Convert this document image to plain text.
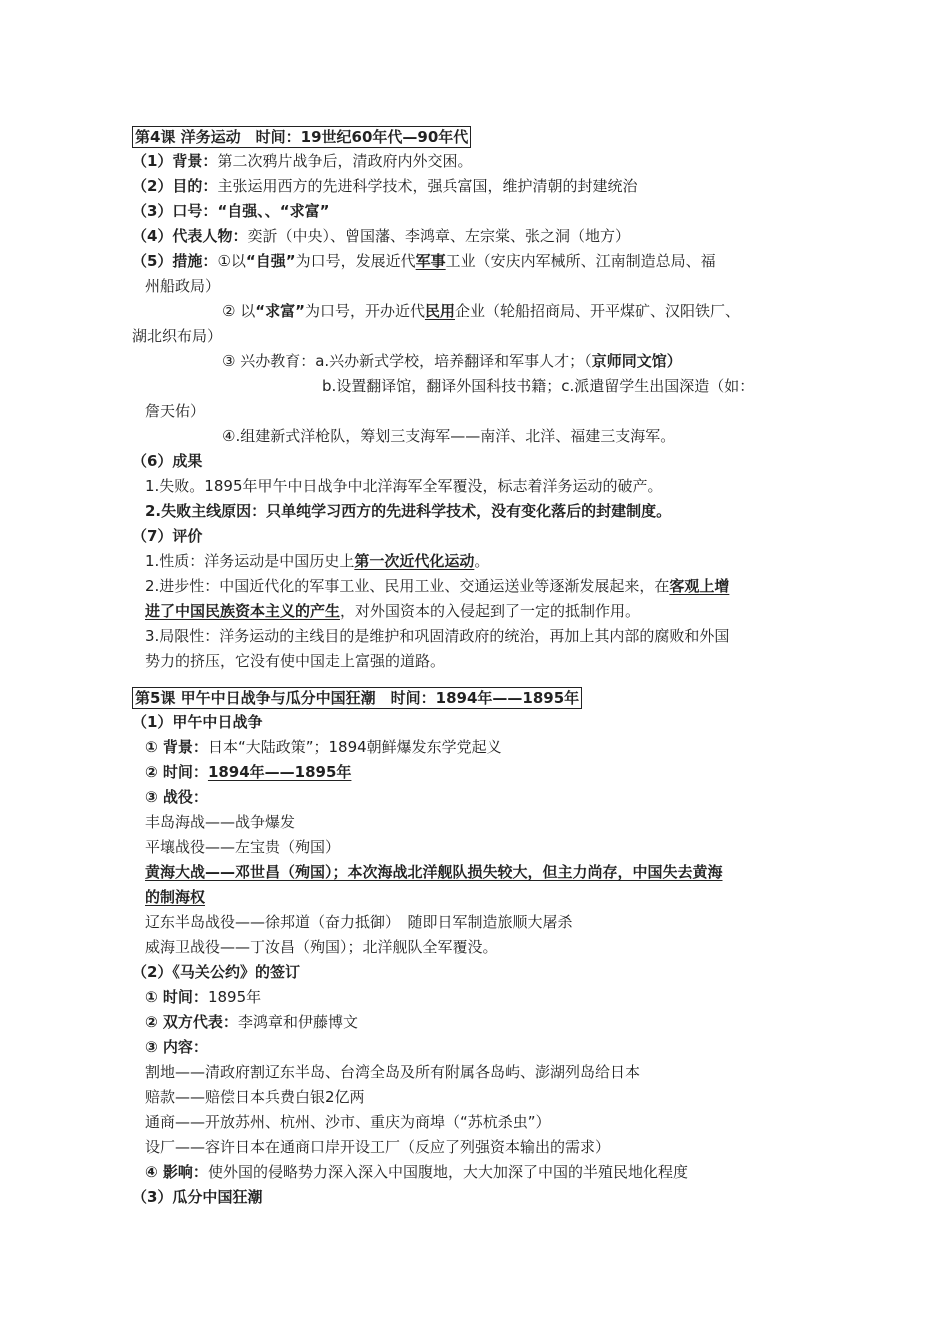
第4课 洋务运动　时间：19世纪60年代—90年代
（1）背景：第二次鸦片战争后，清政府内外交困。
（2）目的：主张运用西方的先进科学技术，强兵富国，维护清朝的封建统治
（3）口号：“自强、、“求富”
（4）代表人物：奕訢（中央）、曾国藩、李鸿章、左宗棠、张之洞（地方）
（5）措施：①以“自强”为口号，发展近代军事工业（安庆内军械所、江南制造总局、福
州船政局）
② 以“求富”为口号，开办近代民用企业（轮船招商局、开平煤矿、汉阳铁厂、
湖北织布局）
③ 兴办教育：a.兴办新式学校，培养翻译和军事人才；（京师同文馆）
b.设置翻译馆，翻译外国科技书籍；c.派遣留学生出国深造（如：
詹天佑）
④.组建新式洋枪队，筹划三支海军——南洋、北洋、福建三支海军。
（6）成果
1.失败。1895年甲午中日战争中北洋海军全军覆没，标志着洋务运动的破产。
2.失败主线原因：只单纯学习西方的先进科学技术，没有变化落后的封建制度。
（7）评价
1.性质：洋务运动是中国历史上第一次近代化运动。
2.进步性：中国近代化的军事工业、民用工业、交通运送业等逐渐发展起来，在客观上增
进了中国民族资本主义的产生，对外国资本的入侵起到了一定的抵制作用。
3.局限性：洋务运动的主线目的是维护和巩固清政府的统治，再加上其内部的腐败和外国
势力的挤压，它没有使中国走上富强的道路。
第5课 甲午中日战争与瓜分中国狂潮　时间：1894年——1895年
（1）甲午中日战争
① 背景：日本“大陆政策”；1894朝鲜爆发东学党起义
② 时间：1894年——1895年
③ 战役：
丰岛海战——战争爆发
平壤战役——左宝贵（殉国）
黄海大战——邓世昌（殉国）；本次海战北洋舰队损失较大，但主力尚存，中国失去黄海
的制海权
辽东半岛战役——徐邦道（奋力抵御）　随即日军制造旅顺大屠杀
威海卫战役——丁汝昌（殉国）；北洋舰队全军覆没。
（2）《马关公约》的签订
① 时间：1895年
② 双方代表：李鸿章和伊藤博文
③ 内容：
割地——清政府割辽东半岛、台湾全岛及所有附属各岛屿、澎湖列岛给日本
赔款——赔偿日本兵费白银2亿两
通商——开放苏州、杭州、沙市、重庆为商埠（“苏杭杀虫”）
设厂——容许日本在通商口岸开设工厂（反应了列强资本输出的需求）
④ 影响：使外国的侵略势力深入深入中国腹地，大大加深了中国的半殖民地化程度
（3）瓜分中国狂潮
